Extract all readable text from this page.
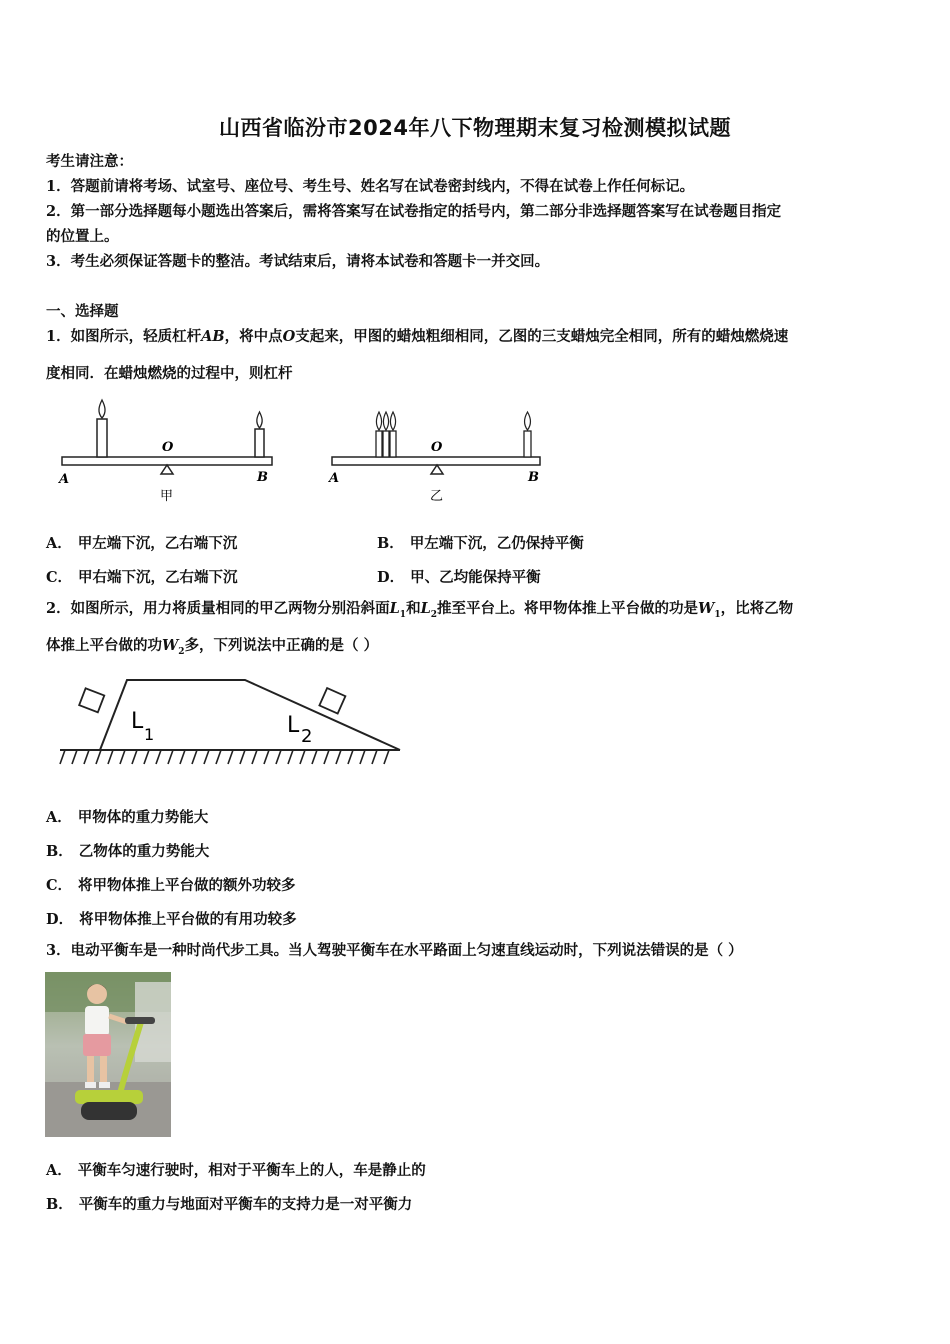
山西省临汾市2024年八下物理期末复习检测模拟试题
考生请注意：
1．答题前请将考场、试室号、座位号、考生号、姓名写在试卷密封线内，不得在试卷上作任何标记。
2．第一部分选择题每小题选出答案后，需将答案写在试卷指定的括号内，第二部分非选择题答案写在试卷题目指定
的位置上。
3．考生必须保证答题卡的整洁。考试结束后，请将本试卷和答题卡一并交回。
一、选择题
1．如图所示，轻质杠杆AB，将中点O支起来，甲图的蜡烛粗细相同，乙图的三支蜡烛完全相同，所有的蜡烛燃烧速
度相同．在蜡烛燃烧的过程中，则杠杆
O
A	B
甲
O
A	B
乙
A． 甲左端下沉，乙右端下沉	B． 甲左端下沉，乙仍保持平衡
C． 甲右端下沉，乙右端下沉	D． 甲、乙均能保持平衡
2．如图所示，用力将质量相同的甲乙两物分别沿斜面$L_1$和$L_2$推至平台上。将甲物体推上平台做的功是$W_1$，比将乙物
体推上平台做的功$W_2$多，下列说法中正确的是（ ）
L
1	L 2
A． 甲物体的重力势能大
B． 乙物体的重力势能大
C． 将甲物体推上平台做的额外功较多
D． 将甲物体推上平台做的有用功较多
3．电动平衡车是一种时尚代步工具。当人驾驶平衡车在水平路面上匀速直线运动时，下列说法错误的是（ ）
A． 平衡车匀速行驶时，相对于平衡车上的人，车是静止的
B． 平衡车的重力与地面对平衡车的支持力是一对平衡力
